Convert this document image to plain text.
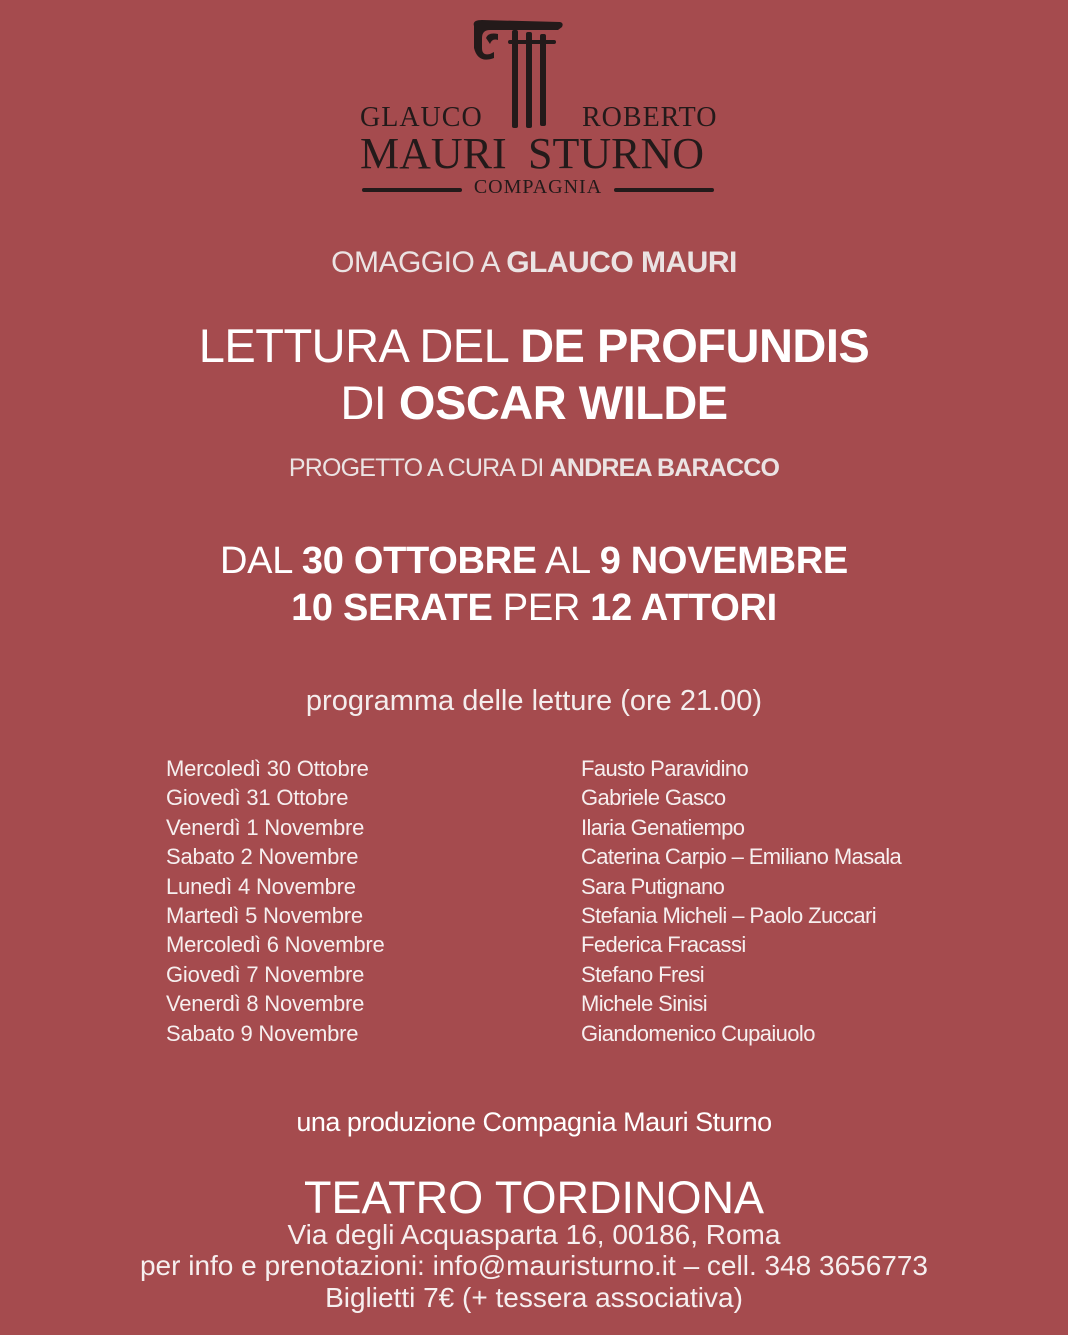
GLAUCO	ROBERTO
MAURI STURNO
COMPAGNIA
OMAGGIO A GLAUCO MAURI
LETTURA DEL DE PROFUNDIS
DI OSCAR WILDE
PROGETTO A CURA DI ANDREA BARACCO
DAL 30 OTTOBRE AL 9 NOVEMBRE
10 SERATE PER 12 ATTORI
programma delle letture (ore 21.00)
Mercoledì 30 Ottobre	Fausto Paravidino
Giovedì 31 Ottobre	Gabriele Gasco
Venerdì 1 Novembre	Ilaria Genatiempo
Sabato 2 Novembre	Caterina Carpio – Emiliano Masala
Lunedì 4 Novembre	Sara Putignano
Martedì 5 Novembre	Stefania Micheli – Paolo Zuccari
Mercoledì 6 Novembre	Federica Fracassi
Giovedì 7 Novembre	Stefano Fresi
Venerdì 8 Novembre	Michele Sinisi
Sabato 9 Novembre	Giandomenico Cupaiuolo
una produzione Compagnia Mauri Sturno
TEATRO TORDINONA
Via degli Acquasparta 16, 00186, Roma
per info e prenotazioni: info@mauristurno.it – cell. 348 3656773
Biglietti 7€ (+ tessera associativa)
